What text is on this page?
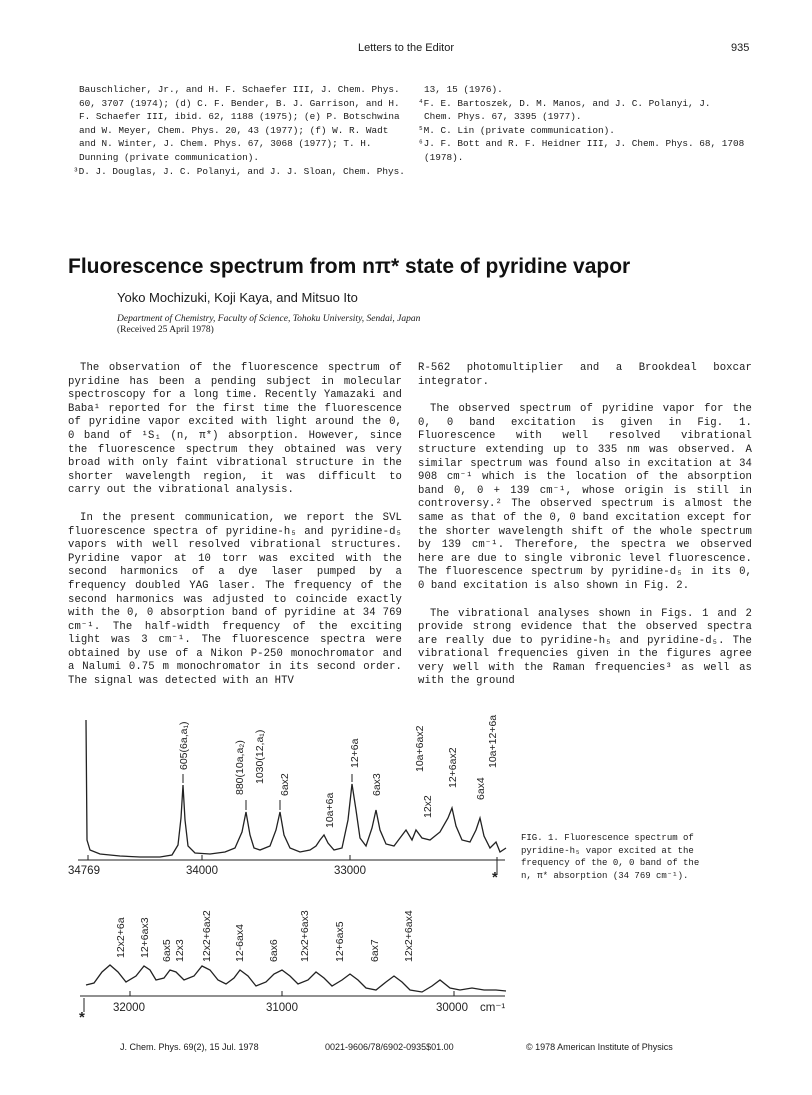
Letters to the Editor	935

Bauschlicher, Jr., and H. F. Schaefer III, J. Chem. Phys.

60, 3707 (1974); (d) C. F. Bender, B. J. Garrison, and H.

F. Schaefer III, ibid. 62, 1188 (1975); (e) P. Botschwina

and W. Meyer, Chem. Phys. 20, 43 (1977); (f) W. R. Wadt

and N. Winter, J. Chem. Phys. 67, 3068 (1977); T. H.

Dunning (private communication).

³D. J. Douglas, J. C. Polanyi, and J. J. Sloan, Chem. Phys.

13, 15 (1976).

⁴F. E. Bartoszek, D. M. Manos, and J. C. Polanyi, J.

Chem. Phys. 67, 3395 (1977).

⁵M. C. Lin (private communication).

⁶J. F. Bott and R. F. Heidner III, J. Chem. Phys. 68, 1708

(1978).

Fluorescence spectrum from nπ* state of pyridine vapor
Yoko Mochizuki, Koji Kaya, and Mitsuo Ito
Department of Chemistry, Faculty of Science, Tohoku University, Sendai, Japan
(Received 25 April 1978)

The observation of the fluorescence spectrum of pyridine has been a pending subject in molecular spectroscopy for a long time. Recently Yamazaki and Baba¹ reported for the first time the fluorescence of pyridine vapor excited with light around the 0, 0 band of ¹S₁ (n, π*) absorption. However, since the fluorescence spectrum they obtained was very broad with only faint vibrational structure in the shorter wavelength region, it was difficult to carry out the vibrational analysis.

In the present communication, we report the SVL fluorescence spectra of pyridine-h₅ and pyridine-d₅ vapors with well resolved vibrational structures. Pyridine vapor at 10 torr was excited with the second harmonics of a dye laser pumped by a frequency doubled YAG laser. The frequency of the second harmonics was adjusted to coincide exactly with the 0, 0 absorption band of pyridine at 34 769 cm⁻¹. The half-width frequency of the exciting light was 3 cm⁻¹. The fluorescence spectra were obtained by use of a Nikon P-250 monochromator and a Nalumi 0.75 m monochromator in its second order. The signal was detected with an HTV

R-562 photomultiplier and a Brookdeal boxcar integrator.

The observed spectrum of pyridine vapor for the 0, 0 band excitation is given in Fig. 1. Fluorescence with well resolved vibrational structure extending up to 335 nm was observed. A similar spectrum was found also in excitation at 34 908 cm⁻¹ which is the location of the absorption band 0, 0 + 139 cm⁻¹, whose origin is still in controversy.² The observed spectrum is almost the same as that of the 0, 0 band excitation except for the shorter wavelength shift of the whole spectrum by 139 cm⁻¹. Therefore, the spectra we observed here are due to single vibronic level fluorescence. The fluorescence spectrum by pyridine-d₅ in its 0, 0 band excitation is also shown in Fig. 2.

The vibrational analyses shown in Figs. 1 and 2 provide strong evidence that the observed spectra are really due to pyridine-h₅ and pyridine-d₅. The vibrational frequencies given in the figures agree very well with the Raman frequencies³ as well as with the ground

605(6a,a₁)	880(10a,a₂) 1030(12,a₁)
6ax2
10a+6a
12+6a
6ax3
10a+6ax2
12x2
12+6ax2
6ax4
10a+12+6a
34769	34000	33000	*
12x2+6a 12+6ax3 6ax5 12x3 12x2+6ax2 12-6ax4 6ax6 12x2+6ax3 12+6ax5 6ax7 12x2+6ax4
32000	31000	30000 cm⁻¹
*
FIG. 1. Fluorescence spectrum of pyridine-h₅ vapor excited at the frequency of the 0, 0 band of the n, π* absorption (34 769 cm⁻¹).
J. Chem. Phys. 69(2), 15 Jul. 1978	0021-9606/78/6902-0935$01.00	© 1978 American Institute of Physics
